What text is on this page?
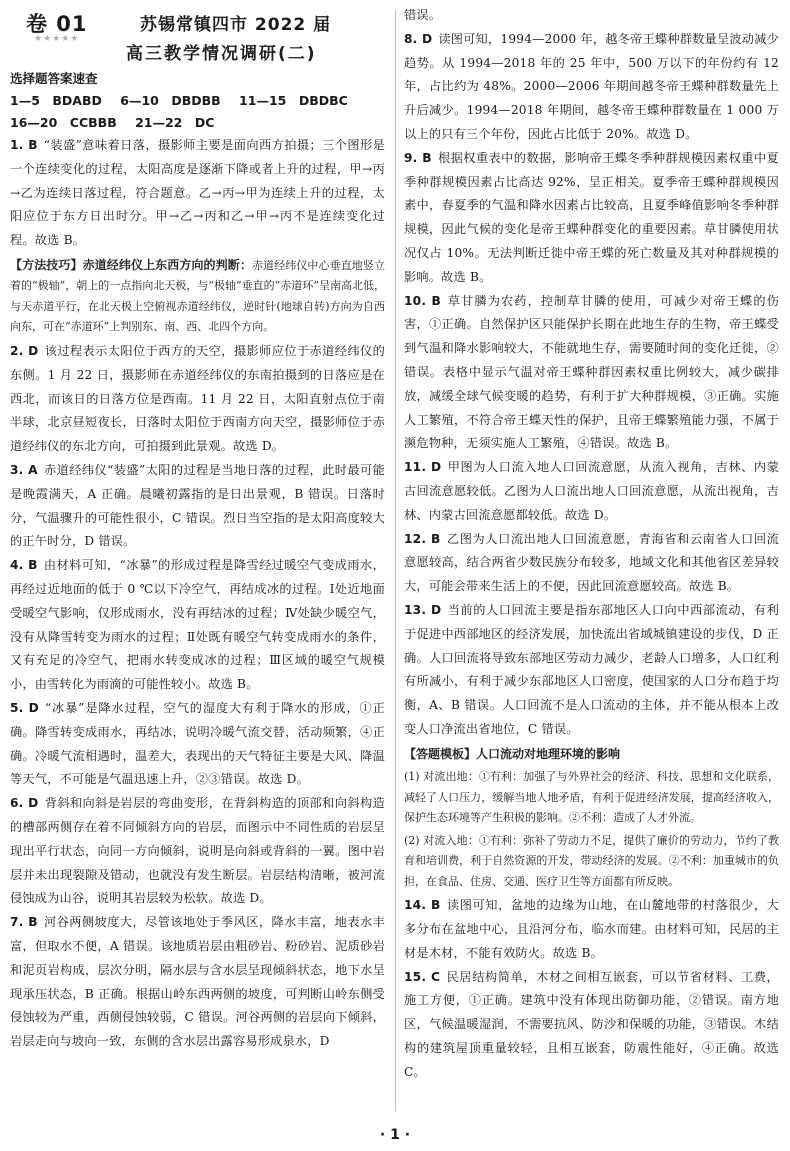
卷 01
★★★★★
苏锡常镇四市 2022 届
高三教学情况调研(二)
选择题答案速查
1—5　BDABD 6—10　DBDBB 11—15　DBDBC
16—20　CCBBB 21—22　DC

1. B “装盛”意味着日落，摄影师主要是面向西方拍摄；三个图形是一个连续变化的过程，太阳高度是逐渐下降或者上升的过程，甲→丙→乙为连续日落过程，符合题意。乙→丙→甲为连续上升的过程，太阳应位于东方日出时分。甲→乙→丙和乙→甲→丙不是连续变化过程。故选 B。

【方法技巧】赤道经纬仪上东西方向的判断：赤道经纬仪中心垂直地竖立着的“极轴”，朝上的一点指向北天极，与“极轴”垂直的“赤道环”呈南高北低，与天赤道平行，在北天极上空俯视赤道经纬仪，逆时针(地球自转)方向为自西向东，可在“赤道环”上判别东、南、西、北四个方向。

2. D 该过程表示太阳位于西方的天空，摄影师应位于赤道经纬仪的东侧。1 月 22 日，摄影师在赤道经纬仪的东南拍摄到的日落应是在西北，而该日的日落方位是西南。11 月 22 日，太阳直射点位于南半球，北京昼短夜长，日落时太阳位于西南方向天空，摄影师位于赤道经纬仪的东北方向，可拍摄到此景观。故选 D。

3. A 赤道经纬仪“装盛”太阳的过程是当地日落的过程，此时最可能是晚霞满天，A 正确。晨曦初露指的是日出景观，B 错误。日落时分，气温骤升的可能性很小，C 错误。烈日当空指的是太阳高度较大的正午时分，D 错误。

4. B 由材料可知，“冰暴”的形成过程是降雪经过暖空气变成雨水，再经过近地面的低于 0 ℃以下冷空气，再结成冰的过程。Ⅰ处近地面受暖空气影响，仅形成雨水，没有再结冰的过程；Ⅳ处缺少暖空气，没有从降雪转变为雨水的过程；Ⅱ处既有暖空气转变成雨水的条件，又有充足的冷空气，把雨水转变成冰的过程；Ⅲ区域的暖空气规模小，由雪转化为雨滴的可能性较小。故选 B。

5. D “冰暴”是降水过程，空气的湿度大有利于降水的形成，①正确。降雪转变成雨水，再结冰，说明冷暖气流交替，活动频繁，④正确。冷暖气流相遇时，温差大，表现出的天气特征主要是大风、降温等天气，不可能是气温迅速上升，②③错误。故选 D。

6. D 背斜和向斜是岩层的弯曲变形，在背斜构造的顶部和向斜构造的槽部两侧存在着不同倾斜方向的岩层，而图示中不同性质的岩层呈现出平行状态，向同一方向倾斜，说明是向斜或背斜的一翼。图中岩层并未出现裂隙及错动，也就没有发生断层。岩层结构清晰，被河流侵蚀成为山谷，说明其岩层较为松软。故选 D。

7. B 河谷两侧坡度大，尽管该地处于季风区，降水丰富，地表水丰富，但取水不便，A 错误。该地质岩层由粗砂岩、粉砂岩、泥质砂岩和泥页岩构成，层次分明，隔水层与含水层呈现倾斜状态，地下水呈现承压状态，B 正确。根据山岭东西两侧的坡度，可判断山岭东侧受侵蚀较为严重，西侧侵蚀较弱，C 错误。河谷两侧的岩层向下倾斜，岩层走向与坡向一致，东侧的含水层出露容易形成泉水，D

错误。

8. D 读图可知，1994—2000 年，越冬帝王蝶种群数量呈波动减少趋势。从 1994—2018 年的 25 年中，500 万以下的年份约有 12 年，占比约为 48%。2000—2006 年期间越冬帝王蝶种群数量先上升后减少。1994—2018 年期间，越冬帝王蝶种群数量在 1 000 万以上的只有三个年份，因此占比低于 20%。故选 D。

9. B 根据权重表中的数据，影响帝王蝶冬季种群规模因素权重中夏季种群规模因素占比高达 92%，呈正相关。夏季帝王蝶种群规模因素中，春夏季的气温和降水因素占比较高，且夏季峰值影响冬季种群规模，因此气候的变化是帝王蝶种群变化的重要因素。草甘膦使用状况仅占 10%。无法判断迁徙中帝王蝶的死亡数量及其对种群规模的影响。故选 B。

10. B 草甘膦为农药，控制草甘膦的使用，可减少对帝王蝶的伤害，①正确。自然保护区只能保护长期在此地生存的生物，帝王蝶受到气温和降水影响较大，不能就地生存，需要随时间的变化迁徙，②错误。表格中显示气温对帝王蝶种群因素权重比例较大，减少碳排放，减缓全球气候变暖的趋势，有利于扩大种群规模，③正确。实施人工繁殖，不符合帝王蝶天性的保护，且帝王蝶繁殖能力强，不属于濒危物种，无须实施人工繁殖，④错误。故选 B。

11. D 甲图为人口流入地人口回流意愿，从流入视角，吉林、内蒙古回流意愿较低。乙图为人口流出地人口回流意愿，从流出视角，吉林、内蒙古回流意愿都较低。故选 D。

12. B 乙图为人口流出地人口回流意愿，青海省和云南省人口回流意愿较高，结合两省少数民族分布较多，地域文化和其他省区差异较大，可能会带来生活上的不便，因此回流意愿较高。故选 B。

13. D 当前的人口回流主要是指东部地区人口向中西部流动，有利于促进中西部地区的经济发展，加快流出省域城镇建设的步伐，D 正确。人口回流将导致东部地区劳动力减少，老龄人口增多，人口红利有所减小，有利于减少东部地区人口密度，使国家的人口分布趋于均衡，A、B 错误。人口回流不是人口流动的主体，并不能从根本上改变人口净流出省地位，C 错误。

【答题模板】人口流动对地理环境的影响

(1) 对流出地：①有利：加强了与外界社会的经济、科技、思想和文化联系，减轻了人口压力，缓解当地人地矛盾，有利于促进经济发展，提高经济收入，保护生态环境等产生积极的影响。②不利：造成了人才外流。

(2) 对流入地：①有利：弥补了劳动力不足，提供了廉价的劳动力，节约了教育和培训费，利于自然资源的开发，带动经济的发展。②不利：加重城市的负担，在食品、住房、交通、医疗卫生等方面都有所反映。

14. B 读图可知，盆地的边缘为山地，在山麓地带的村落很少，大多分布在盆地中心，且沿河分布，临水而建。由材料可知，民居的主材是木材，不能有效防火。故选 B。

15. C 民居结构简单，木材之间相互嵌套，可以节省材料、工费，施工方便，①正确。建筑中没有体现出防御功能，②错误。南方地区，气候温暖湿润，不需要抗风、防沙和保暖的功能，③错误。木结构的建筑屋顶重量较轻，且相互嵌套，防震性能好，④正确。故选 C。

· 1 ·
